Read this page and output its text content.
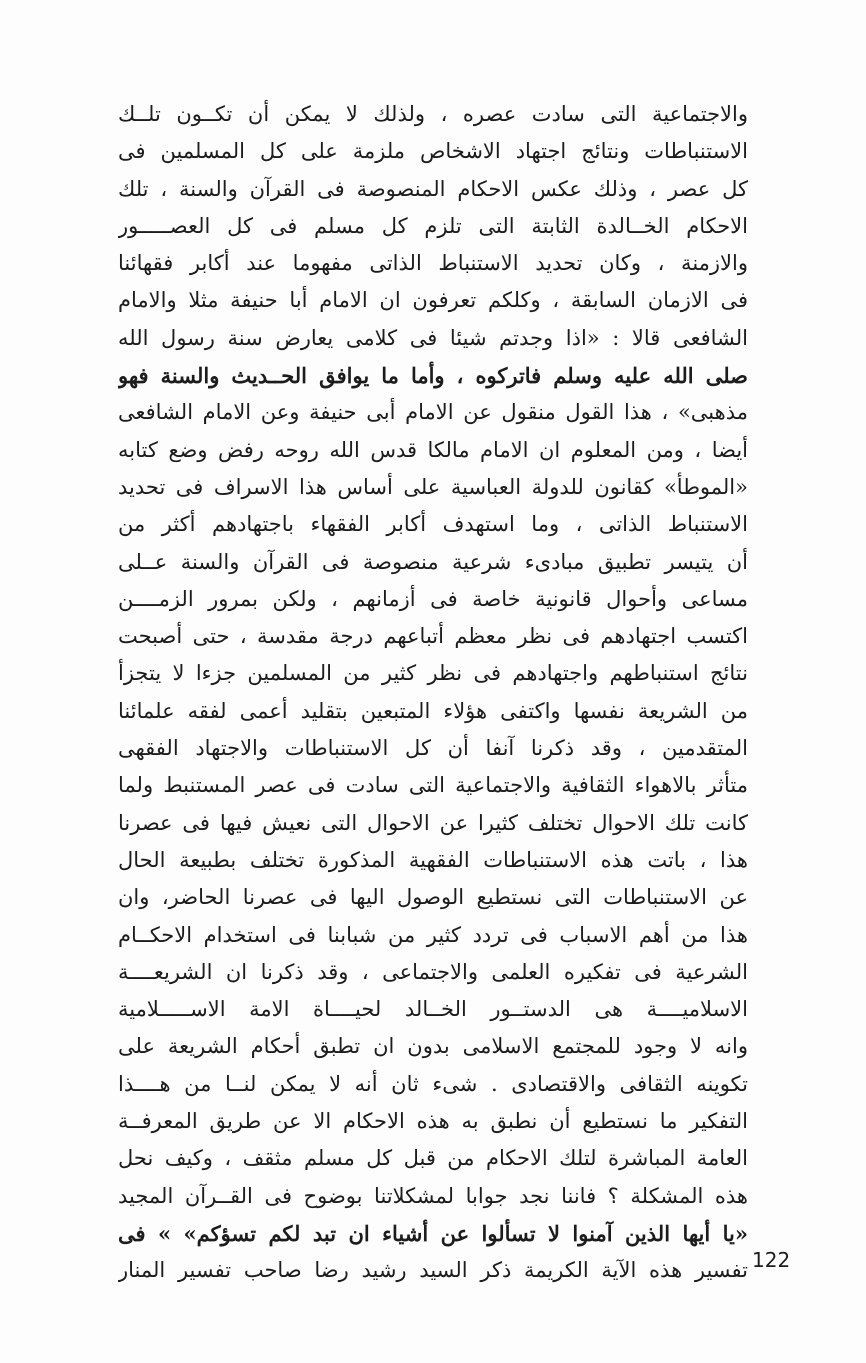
والاجتماعية التى سادت عصره ، ولذلك لا يمكن أن تكــون تلــك
الاستنباطات ونتائج اجتهاد الاشخاص ملزمة على كل المسلمين فى
كل عصر ، وذلك عكس الاحكام المنصوصة فى القرآن والسنة ، تلك
الاحكام الخــالدة الثابتة التى تلزم كل مسلم فى كل العصـــــور
والازمنة ، وكان تحديد الاستنباط الذاتى مفهوما عند أكابر فقهائنا
فى الازمان السابقة ، وكلكم تعرفون ان الامام أبا حنيفة مثلا والامام
الشافعى قالا : «اذا وجدتم شيئا فى كلامى يعارض سنة رسول الله
صلى الله عليه وسلم فاتركوه ، وأما ما يوافق الحــديث والسنة فهو
مذهبى» ، هذا القول منقول عن الامام أبى حنيفة وعن الامام الشافعى
أيضا ، ومن المعلوم ان الامام مالكا قدس الله روحه رفض وضع كتابه
«الموطأ» كقانون للدولة العباسية على أساس هذا الاسراف فى تحديد
الاستنباط الذاتى ، وما استهدف أكابر الفقهاء باجتهادهم أكثر من
أن يتيسر تطبيق مبادىء شرعية منصوصة فى القرآن والسنة عــلى
مساعى وأحوال قانونية خاصة فى أزمانهم ، ولكن بمرور الزمــــن
اكتسب اجتهادهم فى نظر معظم أتباعهم درجة مقدسة ، حتى أصبحت
نتائج استنباطهم واجتهادهم فى نظر كثير من المسلمين جزءا لا يتجزأ
من الشريعة نفسها واكتفى هؤلاء المتبعين بتقليد أعمى لفقه علمائنا
المتقدمين ، وقد ذكرنا آنفا أن كل الاستنباطات والاجتهاد الفقهى
متأثر بالاهواء الثقافية والاجتماعية التى سادت فى عصر المستنبط ولما
كانت تلك الاحوال تختلف كثيرا عن الاحوال التى نعيش فيها فى عصرنا
هذا ، باتت هذه الاستنباطات الفقهية المذكورة تختلف بطبيعة الحال
عن الاستنباطات التى نستطيع الوصول اليها فى عصرنا الحاضر، وان
هذا من أهم الاسباب فى تردد كثير من شبابنا فى استخدام الاحكــام
الشرعية فى تفكيره العلمى والاجتماعى ، وقد ذكرنا ان الشريعــــة
الاسلاميــــة هى الدستــور الخــالد لحيــــاة الامة الاســـــلامية
وانه لا وجود للمجتمع الاسلامى بدون ان تطبق أحكام الشريعة على
تكوينه الثقافى والاقتصادى . شىء ثان أنه لا يمكن لنــا من هــــذا
التفكير ما نستطيع أن نطبق به هذه الاحكام الا عن طريق المعرفــة
العامة المباشرة لتلك الاحكام من قبل كل مسلم مثقف ، وكيف نحل
هذه المشكلة ؟ فاننا نجد جوابا لمشكلاتنا بوضوح فى القــرآن المجيد
«يا أيها الذين آمنوا لا تسألوا عن أشياء ان تبد لكم تسؤكم» » فى
تفسير هذه الآية الكريمة ذكر السيد رشيد رضا صاحب تفسير المنار 122
